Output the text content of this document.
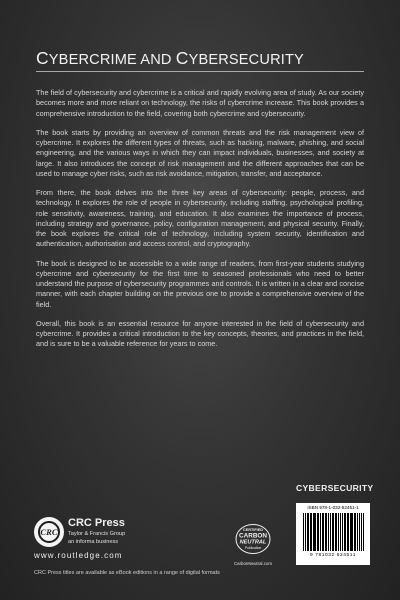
CYBERCRIME AND CYBERSECURITY

The field of cybersecurity and cybercrime is a critical and rapidly evolving area of study. As our society becomes more and more reliant on technology, the risks of cybercrime increase. This book provides a comprehensive introduction to the field, covering both cybercrime and cybersecurity.

The book starts by providing an overview of common threats and the risk management view of cybercrime. It explores the different types of threats, such as hacking, malware, phishing, and social engineering, and the various ways in which they can impact individuals, businesses, and society at large. It also introduces the concept of risk management and the different approaches that can be used to manage cyber risks, such as risk avoidance, mitigation, transfer, and acceptance.

From there, the book delves into the three key areas of cybersecurity: people, process, and technology. It explores the role of people in cybersecurity, including staffing, psychological profiling, role sensitivity, awareness, training, and education. It also examines the importance of process, including strategy and governance, policy, configuration management, and physical security. Finally, the book explores the critical role of technology, including system security, identification and authentication, authorisation and access control, and cryptography.

The book is designed to be accessible to a wide range of readers, from first-year students studying cybercrime and cybersecurity for the first time to seasoned professionals who need to better understand the purpose of cybersecurity programmes and controls. It is written in a clear and concise manner, with each chapter building on the previous one to provide a comprehensive overview of the field.

Overall, this book is an essential resource for anyone interested in the field of cybersecurity and cybercrime. It provides a critical introduction to the key concepts, theories, and practices in the field, and is sure to be a valuable reference for years to come.

CYBERSECURITY
ISBN 978-1-032-52451-1
9 781032 524511
CRC
CRC Press
Taylor & Francis Group
an informa business
www.routledge.com
CERTIFIED
CARBON
NEUTRAL
Publication
CarbonNeutral.com
CRC Press titles are available as eBook editions in a range of digital formats
